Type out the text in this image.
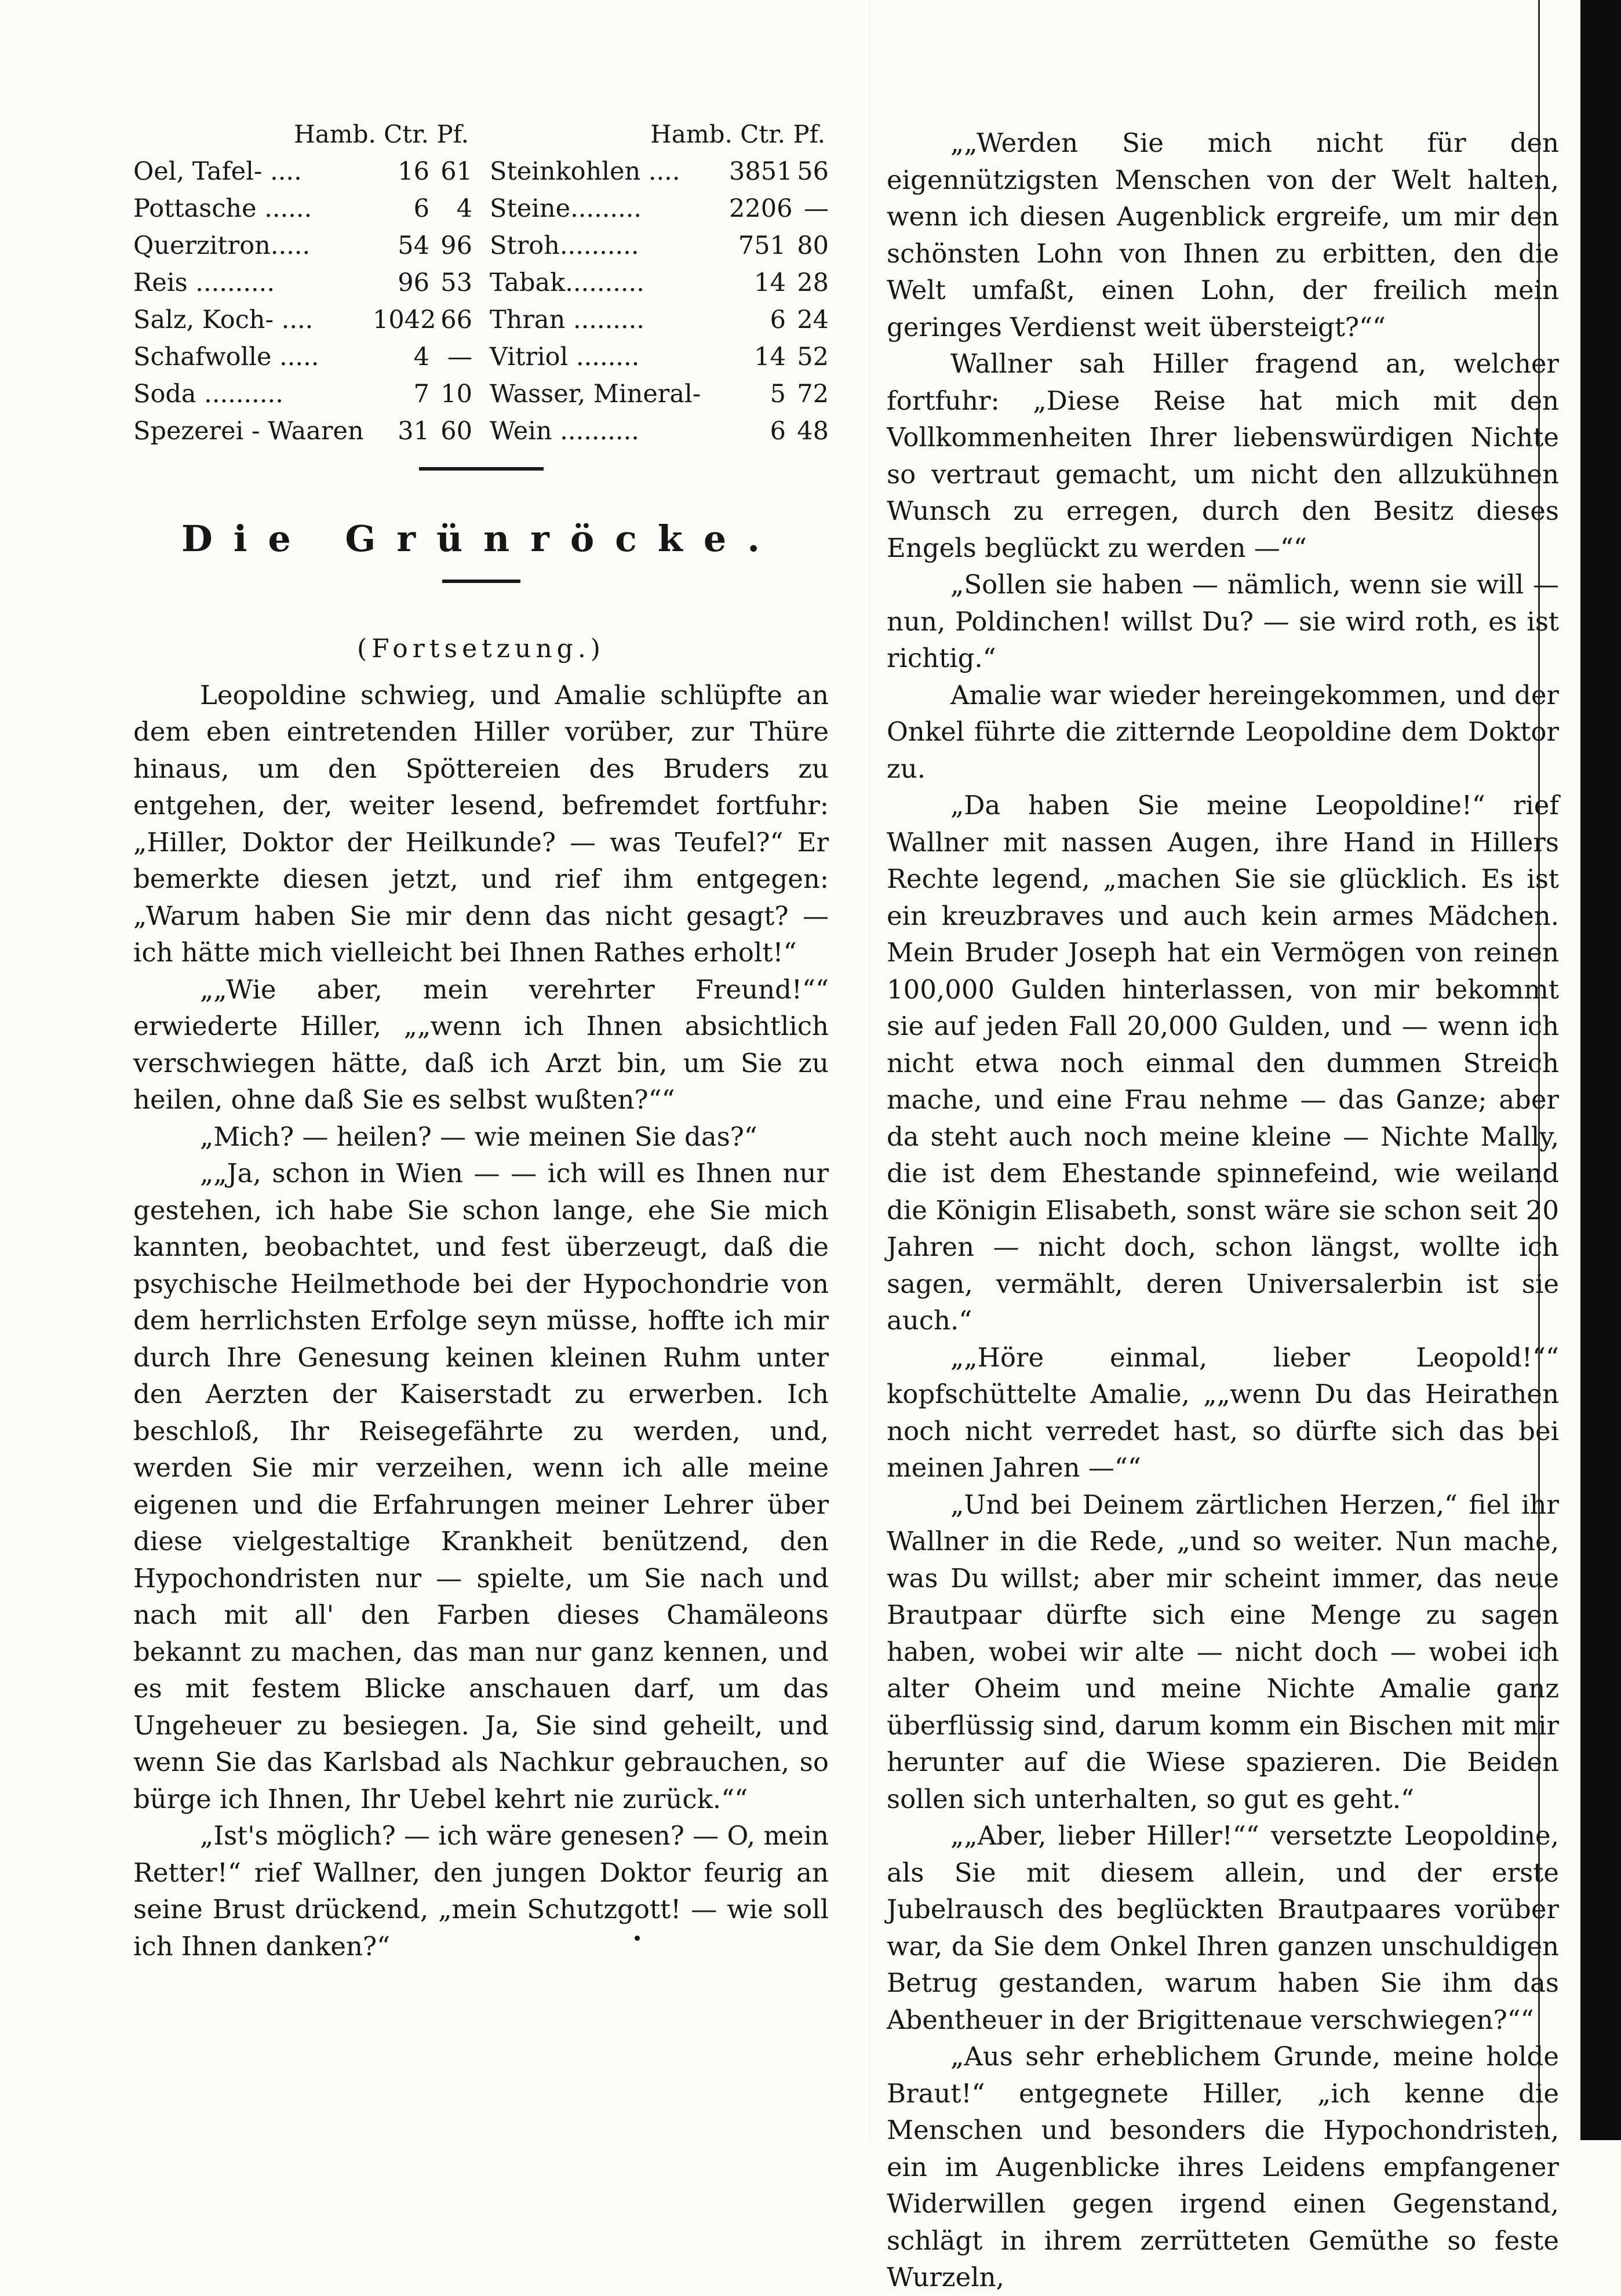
Hamb. Ctr. Pf.
Oel, Tafel- ....	16 61
Pottasche ......	6	4
Querzitron.....	54 96
Reis ..........	96 53
Salz, Koch- ....	1042 66
Schafwolle .....	4 —
Soda ..........	7 10
Spezerei - Waaren	31 60
Hamb. Ctr. Pf.
Steinkohlen ....	3851 56
Steine.........	2206 —
Stroh..........	751 80
Tabak..........	14 28
Thran .........	6 24
Vitriol ........	14 52
Wasser, Mineral-	5 72
Wein ..........	6 48
Die Grünröcke.
(Fortsetzung.)

Leopoldine schwieg, und Amalie schlüpfte an dem eben eintretenden Hiller vorüber, zur Thüre hinaus, um den Spöttereien des Bruders zu entgehen, der, weiter lesend, befremdet fortfuhr: „Hiller, Doktor der Heilkunde? — was Teufel?“ Er bemerkte diesen jetzt, und rief ihm entgegen: „Warum haben Sie mir denn das nicht gesagt? — ich hätte mich vielleicht bei Ihnen Rathes erholt!“

„„Wie aber, mein verehrter Freund!““ erwiederte Hiller, „„wenn ich Ihnen absichtlich verschwiegen hätte, daß ich Arzt bin, um Sie zu heilen, ohne daß Sie es selbst wußten?““

„Mich? — heilen? — wie meinen Sie das?“

„„Ja, schon in Wien — — ich will es Ihnen nur gestehen, ich habe Sie schon lange, ehe Sie mich kannten, beobachtet, und fest überzeugt, daß die psychische Heilmethode bei der Hypochondrie von dem herrlichsten Erfolge seyn müsse, hoffte ich mir durch Ihre Genesung keinen kleinen Ruhm unter den Aerzten der Kaiserstadt zu erwerben. Ich beschloß, Ihr Reisegefährte zu werden, und, werden Sie mir verzeihen, wenn ich alle meine eigenen und die Erfahrungen meiner Lehrer über diese vielgestaltige Krankheit benützend, den Hypochondristen nur — spielte, um Sie nach und nach mit all' den Farben dieses Chamäleons bekannt zu machen, das man nur ganz kennen, und es mit festem Blicke anschauen darf, um das Ungeheuer zu besiegen. Ja, Sie sind geheilt, und wenn Sie das Karlsbad als Nachkur gebrauchen, so bürge ich Ihnen, Ihr Uebel kehrt nie zurück.““

„Ist's möglich? — ich wäre genesen? — O, mein Retter!“ rief Wallner, den jungen Doktor feurig an seine Brust drückend, „mein Schutzgott! — wie soll ich Ihnen danken?“

„„Werden Sie mich nicht für den eigennützigsten Menschen von der Welt halten, wenn ich diesen Augenblick ergreife, um mir den schönsten Lohn von Ihnen zu erbitten, den die Welt umfaßt, einen Lohn, der freilich mein geringes Verdienst weit übersteigt?““

Wallner sah Hiller fragend an, welcher fortfuhr: „Diese Reise hat mich mit den Vollkommenheiten Ihrer liebenswürdigen Nichte so vertraut gemacht, um nicht den allzukühnen Wunsch zu erregen, durch den Besitz dieses Engels beglückt zu werden —““

„Sollen sie haben — nämlich, wenn sie will — nun, Poldinchen! willst Du? — sie wird roth, es ist richtig.“

Amalie war wieder hereingekommen, und der Onkel führte die zitternde Leopoldine dem Doktor zu.

„Da haben Sie meine Leopoldine!“ rief Wallner mit nassen Augen, ihre Hand in Hillers Rechte legend, „machen Sie sie glücklich. Es ist ein kreuzbraves und auch kein armes Mädchen. Mein Bruder Joseph hat ein Vermögen von reinen 100,000 Gulden hinterlassen, von mir bekommt sie auf jeden Fall 20,000 Gulden, und — wenn ich nicht etwa noch einmal den dummen Streich mache, und eine Frau nehme — das Ganze; aber da steht auch noch meine kleine — Nichte Mally, die ist dem Ehestande spinnefeind, wie weiland die Königin Elisabeth, sonst wäre sie schon seit 20 Jahren — nicht doch, schon längst, wollte ich sagen, vermählt, deren Universalerbin ist sie auch.“

„„Höre einmal, lieber Leopold!““ kopfschüttelte Amalie, „„wenn Du das Heirathen noch nicht verredet hast, so dürfte sich das bei meinen Jahren —““

„Und bei Deinem zärtlichen Herzen,“ fiel ihr Wallner in die Rede, „und so weiter. Nun mache, was Du willst; aber mir scheint immer, das neue Brautpaar dürfte sich eine Menge zu sagen haben, wobei wir alte — nicht doch — wobei ich alter Oheim und meine Nichte Amalie ganz überflüssig sind, darum komm ein Bischen mit mir herunter auf die Wiese spazieren. Die Beiden sollen sich unterhalten, so gut es geht.“

„„Aber, lieber Hiller!““ versetzte Leopoldine, als Sie mit diesem allein, und der erste Jubelrausch des beglückten Brautpaares vorüber war, da Sie dem Onkel Ihren ganzen unschuldigen Betrug gestanden, warum haben Sie ihm das Abentheuer in der Brigittenaue verschwiegen?““

„Aus sehr erheblichem Grunde, meine holde Braut!“ entgegnete Hiller, „ich kenne die Menschen und besonders die Hypochondristen, ein im Augenblicke ihres Leidens empfangener Widerwillen gegen irgend einen Gegenstand, schlägt in ihrem zerrütteten Gemüthe so feste Wurzeln,
